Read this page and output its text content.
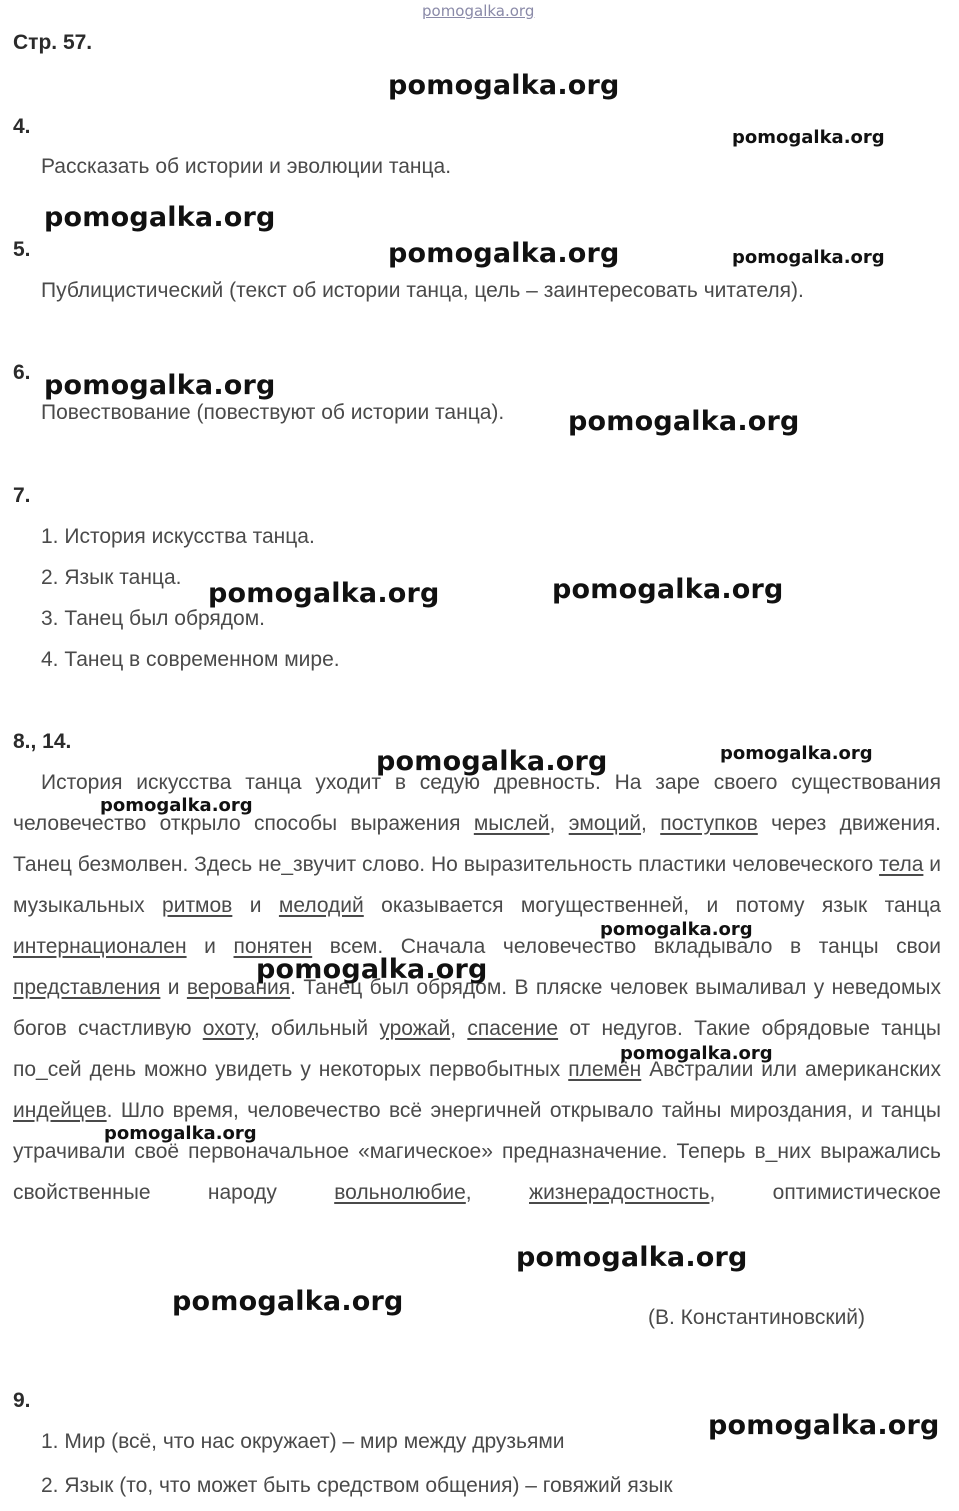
pomogalka.org
Стр. 57.
4.
Рассказать об истории и эволюции танца.
5.
Публицистический (текст об истории танца, цель – заинтересовать читателя).
6.
Повествование (повествуют об истории танца).
7.
1. История искусства танца.
2. Язык танца.
3. Танец был обрядом.
4. Танец в современном мире.
8., 14.
История искусства танца уходит в седую древность. На заре своего существования человечество открыло способы выражения мыслей, эмоций, поступков через движения. Танец безмолвен. Здесь не_звучит слово. Но выразительность пластики человеческого тела и музыкальных ритмов и мелодий оказывается могущественней, и потому язык танца интернационален и понятен всем. Сначала человечество вкладывало в танцы свои представления и верования. Танец был обрядом. В пляске человек вымаливал у неведомых богов счастливую охоту, обильный урожай, спасение от недугов. Такие обрядовые танцы по_сей день можно увидеть у некоторых первобытных племён Австралии или американских индейцев. Шло время, человечество всё энергичней открывало тайны мироздания, и танцы утрачивали своё первоначальное «магическое» предназначение. Теперь в_них выражались свойственные народу вольнолюбие, жизнерадостность, оптимистическое
(В. Константиновский)
9.
1. Мир (всё, что нас окружает) – мир между друзьями
2. Язык (то, что может быть средством общения) – говяжий язык
pomogalka.org
pomogalka.org
pomogalka.org
pomogalka.org	pomogalka.org
pomogalka.org
pomogalka.org
pomogalka.org	pomogalka.org
pomogalka.org	pomogalka.org
pomogalka.org
pomogalka.org
pomogalka.org
pomogalka.org
pomogalka.org
pomogalka.org
pomogalka.org
pomogalka.org
